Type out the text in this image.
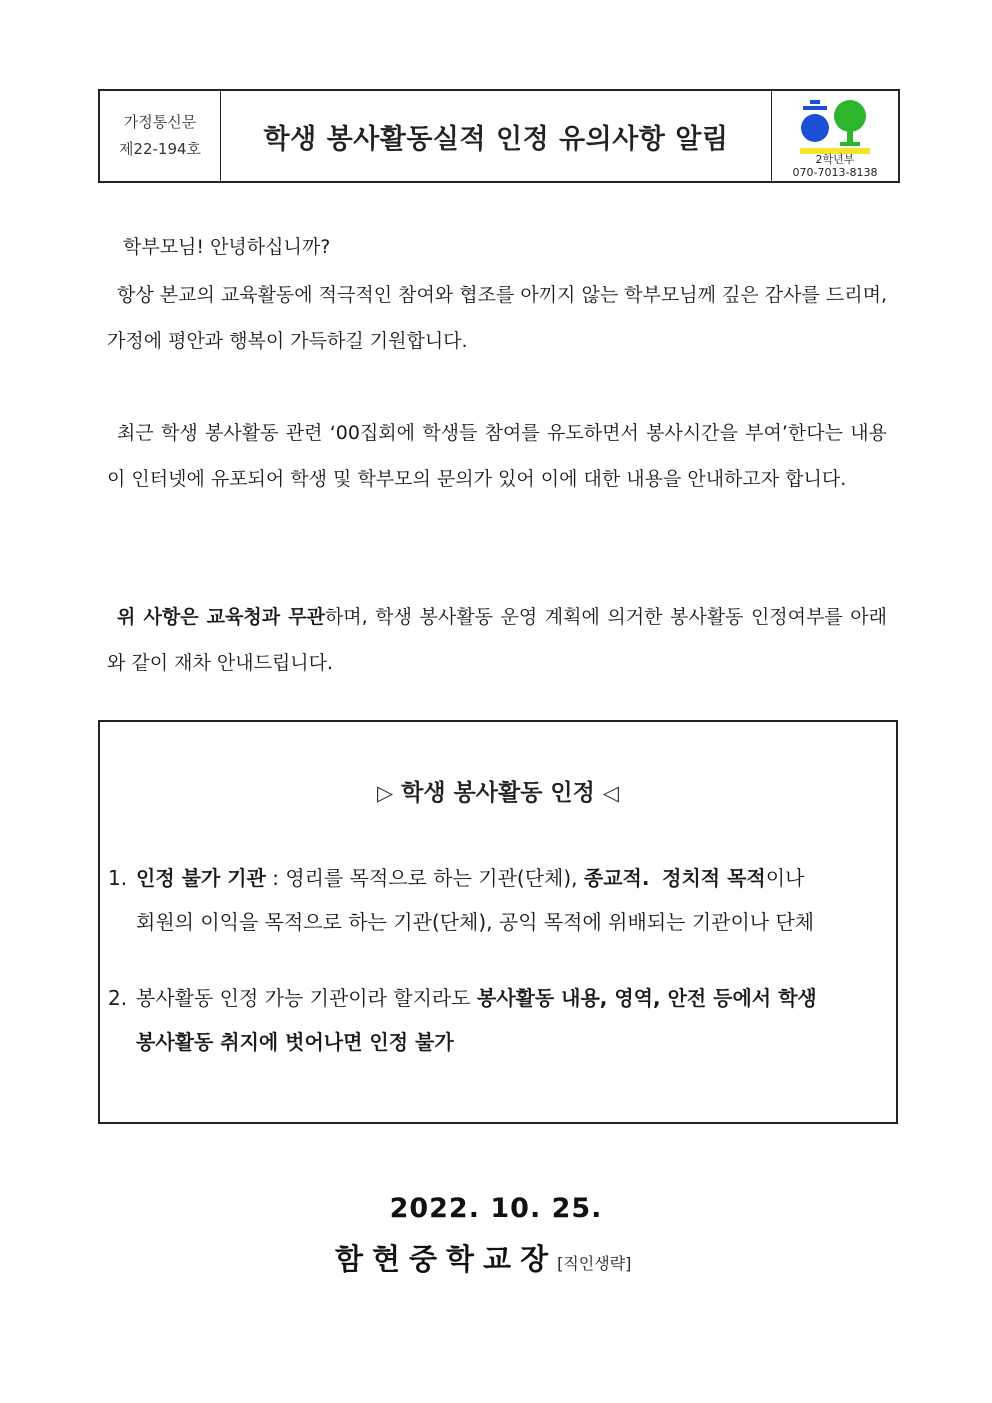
가정통신문
제22-194호	학생 봉사활동실적 인정 유의사항 알림
2학년부
070-7013-8138
학부모님! 안녕하십니까?
항상 본교의 교육활동에 적극적인 참여와 협조를 아끼지 않는 학부모님께 깊은 감사를 드리며, 가정에 평안과 행복이 가득하길 기원합니다.
최근 학생 봉사활동 관련 ‘00집회에 학생들 참여를 유도하면서 봉사시간을 부여’한다는 내용이 인터넷에 유포되어 학생 및 학부모의 문의가 있어 이에 대한 내용을 안내하고자 합니다.
위 사항은 교육청과 무관하며, 학생 봉사활동 운영 계획에 의거한 봉사활동 인정여부를 아래와 같이 재차 안내드립니다.
▷ 학생 봉사활동 인정 ◁
1. 인정 불가 기관 : 영리를 목적으로 하는 기관(단체), 종교적. 정치적 목적이나
회원의 이익을 목적으로 하는 기관(단체), 공익 목적에 위배되는 기관이나 단체
2. 봉사활동 인정 가능 기관이라 할지라도 봉사활동 내용, 영역, 안전 등에서 학생
봉사활동 취지에 벗어나면 인정 불가
2022. 10. 25.
함현중학교장[직인생략]
